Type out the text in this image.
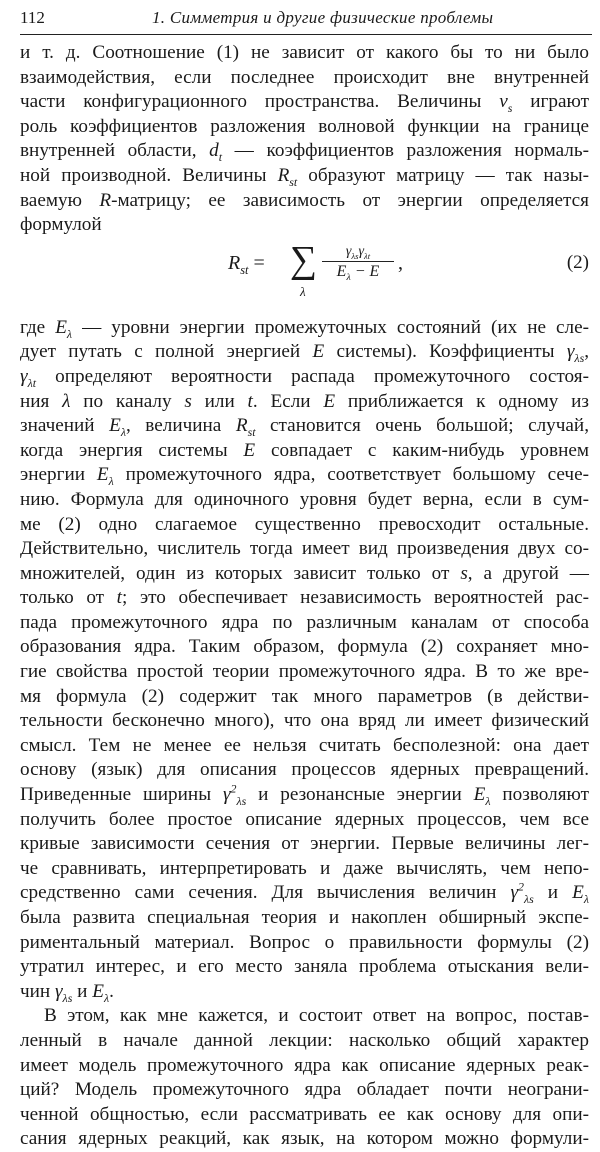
112	1. Симметрия и другие физические проблемы
и т. д. Соотношение (1) не зависит от какого бы то ни было
взаимодействия, если последнее происходит вне внутренней
части конфигурационного пространства. Величины $v_s$ играют
роль коэффициентов разложения волновой функции на границе
внутренней области, $d_t$ — коэффициентов разложения нормаль-
ной производной. Величины $R_{st}$ образуют матрицу — так назы-
ваемую R-матрицу; ее зависимость от энергии определяется
формулой
$R_{st}$ = ∑
λ
$\gamma_{\lambda s}\gamma_{\lambda t}$
$E_\lambda - E$ ,	(2)
где $E_\lambda$ — уровни энергии промежуточных состояний (их не сле-
дует путать с полной энергией E системы). Коэффициенты $\gamma_{\lambda s}$,
$\gamma_{\lambda t}$ определяют вероятности распада промежуточного состоя-
ния λ по каналу s или t. Если E приближается к одному из
значений $E_\lambda$, величина $R_{st}$ становится очень большой; случай,
когда энергия системы E совпадает с каким-нибудь уровнем
энергии $E_\lambda$ промежуточного ядра, соответствует большому сече-
нию. Формула для одиночного уровня будет верна, если в сум-
ме (2) одно слагаемое существенно превосходит остальные.
Действительно, числитель тогда имеет вид произведения двух со-
множителей, один из которых зависит только от s, а другой —
только от t; это обеспечивает независимость вероятностей рас-
пада промежуточного ядра по различным каналам от способа
образования ядра. Таким образом, формула (2) сохраняет мно-
гие свойства простой теории промежуточного ядра. В то же вре-
мя формула (2) содержит так много параметров (в действи-
тельности бесконечно много), что она вряд ли имеет физический
смысл. Тем не менее ее нельзя считать бесполезной: она дает
основу (язык) для описания процессов ядерных превращений.
Приведенные ширины $\gamma^2_{\lambda s}$ и резонансные энергии $E_\lambda$ позволяют
получить более простое описание ядерных процессов, чем все
кривые зависимости сечения от энергии. Первые величины лег-
че сравнивать, интерпретировать и даже вычислять, чем непо-
средственно сами сечения. Для вычисления величин $\gamma^2_{\lambda s}$ и $E_\lambda$
была развита специальная теория и накоплен обширный экспе-
риментальный материал. Вопрос о правильности формулы (2)
утратил интерес, и его место заняла проблема отыскания вели-
чин $\gamma_{\lambda s}$ и $E_\lambda$.
В этом, как мне кажется, и состоит ответ на вопрос, постав-
ленный в начале данной лекции: насколько общий характер
имеет модель промежуточного ядра как описание ядерных реак-
ций? Модель промежуточного ядра обладает почти неограни-
ченной общностью, если рассматривать ее как основу для опи-
сания ядерных реакций, как язык, на котором можно формули-
